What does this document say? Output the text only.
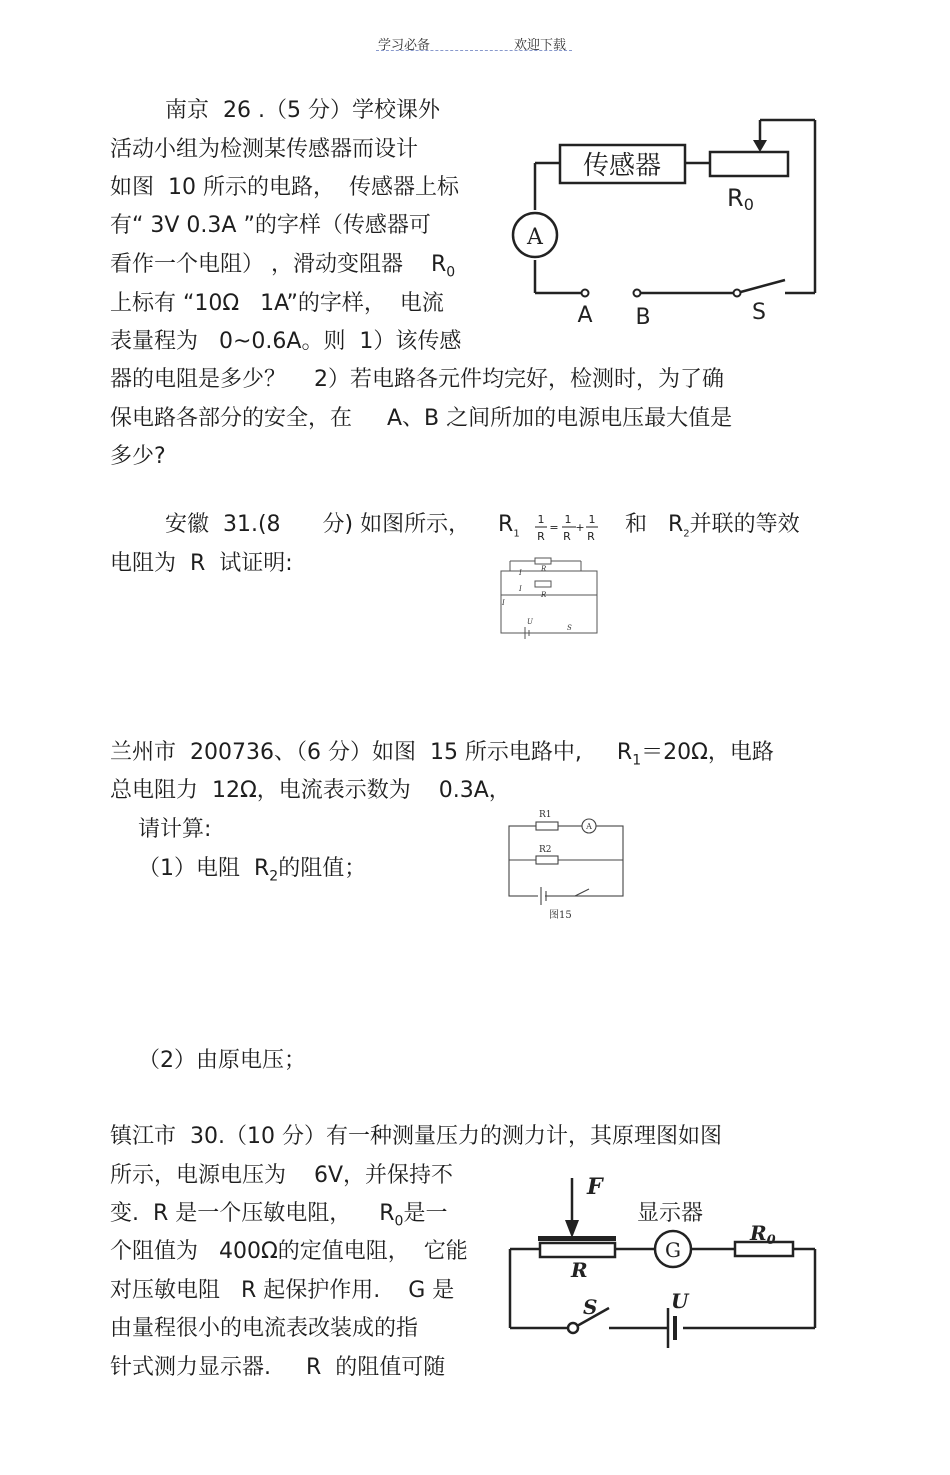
学习必备	欢迎下载
南京  26 .（5 分）学校课外
活动小组为检测某传感器而设计
如图  10 所示的电路，  传感器上标
有“ 3V 0.3A ”的字样（传感器可
看作一个电阻） ，滑动变阻器    $R_0$
上标有 “10Ω   1A”的字样，  电流
表量程为   0~0.6A。则  1）该传感
器的电阻是多少？    2）若电路各元件均完好，检测时，为了确
保电路各部分的安全，在     A、B 之间所加的电源电压最大值是
多少?
传感器
R0
A
A B	S
安徽  31.(8      分) 如图所示，    $R_1$
1
R
=
1
R
+
1
R 和   $R_2$并联的等效
电阻为  R  试证明:	I	R
I
R
I
U
S
兰州市  200736、（6 分）如图  15 所示电路中,     $R_1=20\Omega$，电路
总电阻力  12Ω，电流表示数为    0.3A，
请计算:
（1）电阻  $R_2$的阻值；
R1
R2
A
图15
（2）由原电压；
镇江市  30.（10 分）有一种测量压力的测力计，其原理图如图
所示，电源电压为    6V，并保持不
变.  R 是一个压敏电阻，    $R_0$是一
个阻值为   400Ω的定值电阻，  它能
对压敏电阻   R 起保护作用.    G 是
由量程很小的电流表改装成的指
针式测力显示器.     R  的阻值可随
F
显示器
G
$R_0$
R
S	U
